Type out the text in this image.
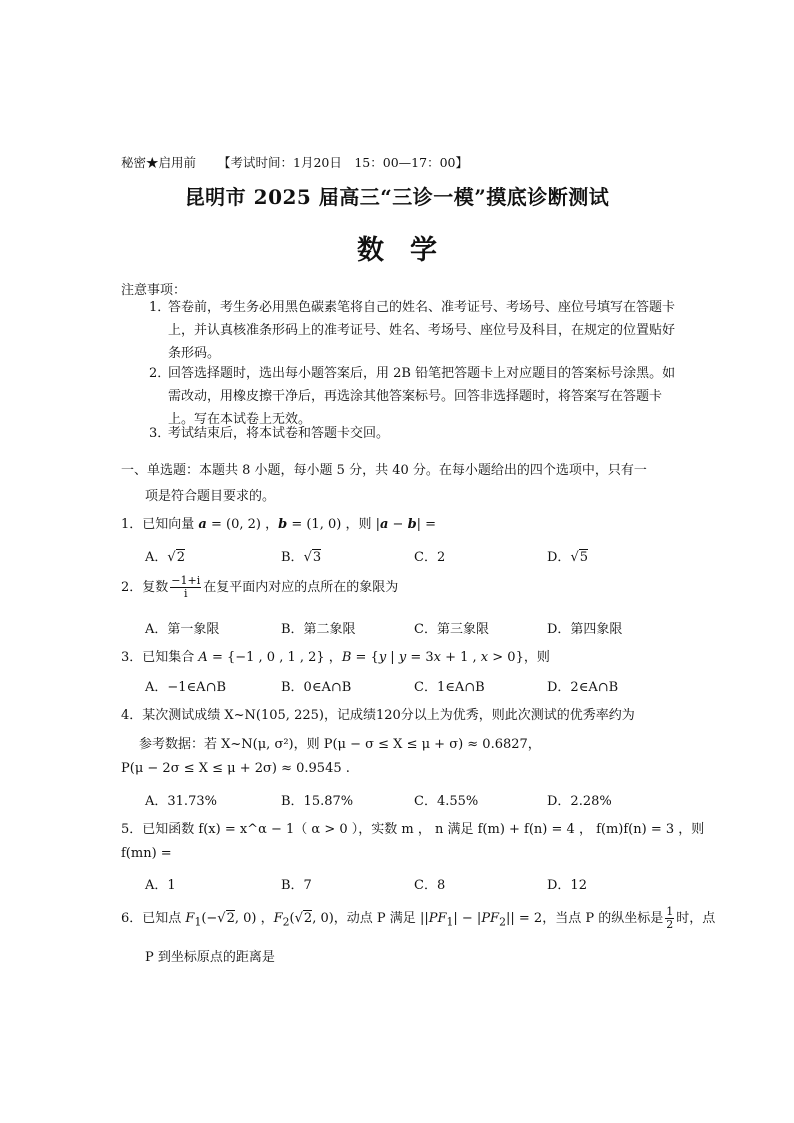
秘密★启用前 【考试时间：1月20日　15：00—17：00】
昆明市 2025 届高三“三诊一模”摸底诊断测试
数学
注意事项：
1．
答卷前，考生务必用黑色碳素笔将自己的姓名、准考证号、考场号、座位号填写在答题卡上，并认真核准条形码上的准考证号、姓名、考场号、座位号及科目，在规定的位置贴好条形码。
2．
回答选择题时，选出每小题答案后，用 2B 铅笔把答题卡上对应题目的答案标号涂黑。如需改动，用橡皮擦干净后，再选涂其他答案标号。回答非选择题时，将答案写在答题卡上。写在本试卷上无效。
3．
考试结束后，将本试卷和答题卡交回。
一、单选题：本题共 8 小题，每小题 5 分，共 40 分。在每小题给出的四个选项中，只有一
项是符合题目要求的。
1．已知向量 a = (0, 2) ，b = (1, 0) ，则 |a − b| =
A．√2	B．√3	C．2	D．√5
2．复数 $\frac{-1+i}{i}$ 在复平面内对应的点所在的象限为
A．第一象限	B．第二象限	C．第三象限	D．第四象限
3．已知集合 A = {−1 , 0 , 1 , 2} ，B = {y | y = 3x + 1 , x > 0}，则
A．−1∈A∩B	B．0∈A∩B	C．1∈A∩B	D．2∈A∩B
4．某次测试成绩 X~N(105, 225)，记成绩120分以上为优秀，则此次测试的优秀率约为
参考数据：若 X~N(μ, σ²)，则 P(μ − σ ≤ X ≤ μ + σ) ≈ 0.6827，
P(μ − 2σ ≤ X ≤ μ + 2σ) ≈ 0.9545 .
A．31.73%	B．15.87%	C．4.55%	D．2.28%
5．已知函数 f(x) = x^α − 1（ α > 0 ），实数 m ， n 满足 f(m) + f(n) = 4 ， f(m)f(n) = 3 ，则
f(mn) =
A．1	B．7	C．8	D．12
6．已知点 $F_1(-√2$, 0) ，$F_2(√2$, 0)，动点 P 满足 $||PF_1| - |PF_2|| = 2$，当点 P 的纵坐标是 $\frac{1}{2}$ 时，点
P 到坐标原点的距离是
